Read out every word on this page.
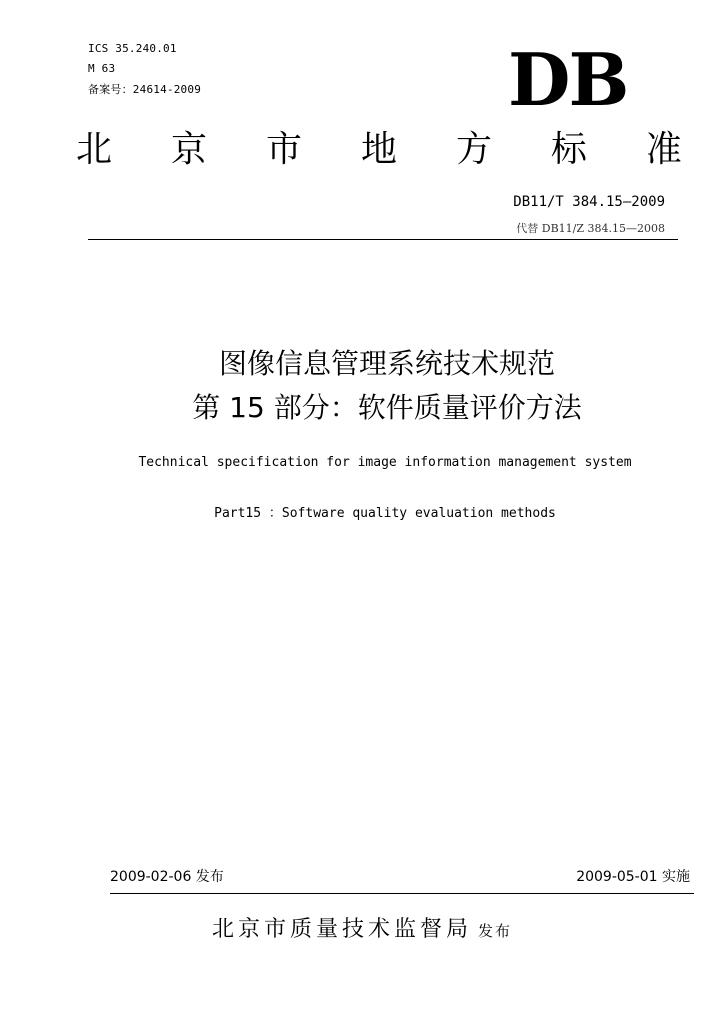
ICS 35.240.01
M 63
备案号：24614-2009	DB
北 京 市 地 方 标 准
DB11/T 384.15—2009
代替 DB11/Z 384.15—2008
图像信息管理系统技术规范
第 15 部分：软件质量评价方法
Technical specification for image information management system
Part15 ：Software quality evaluation methods
2009-02-06 发布	2009-05-01 实施
北京市质量技术监督局 发布
